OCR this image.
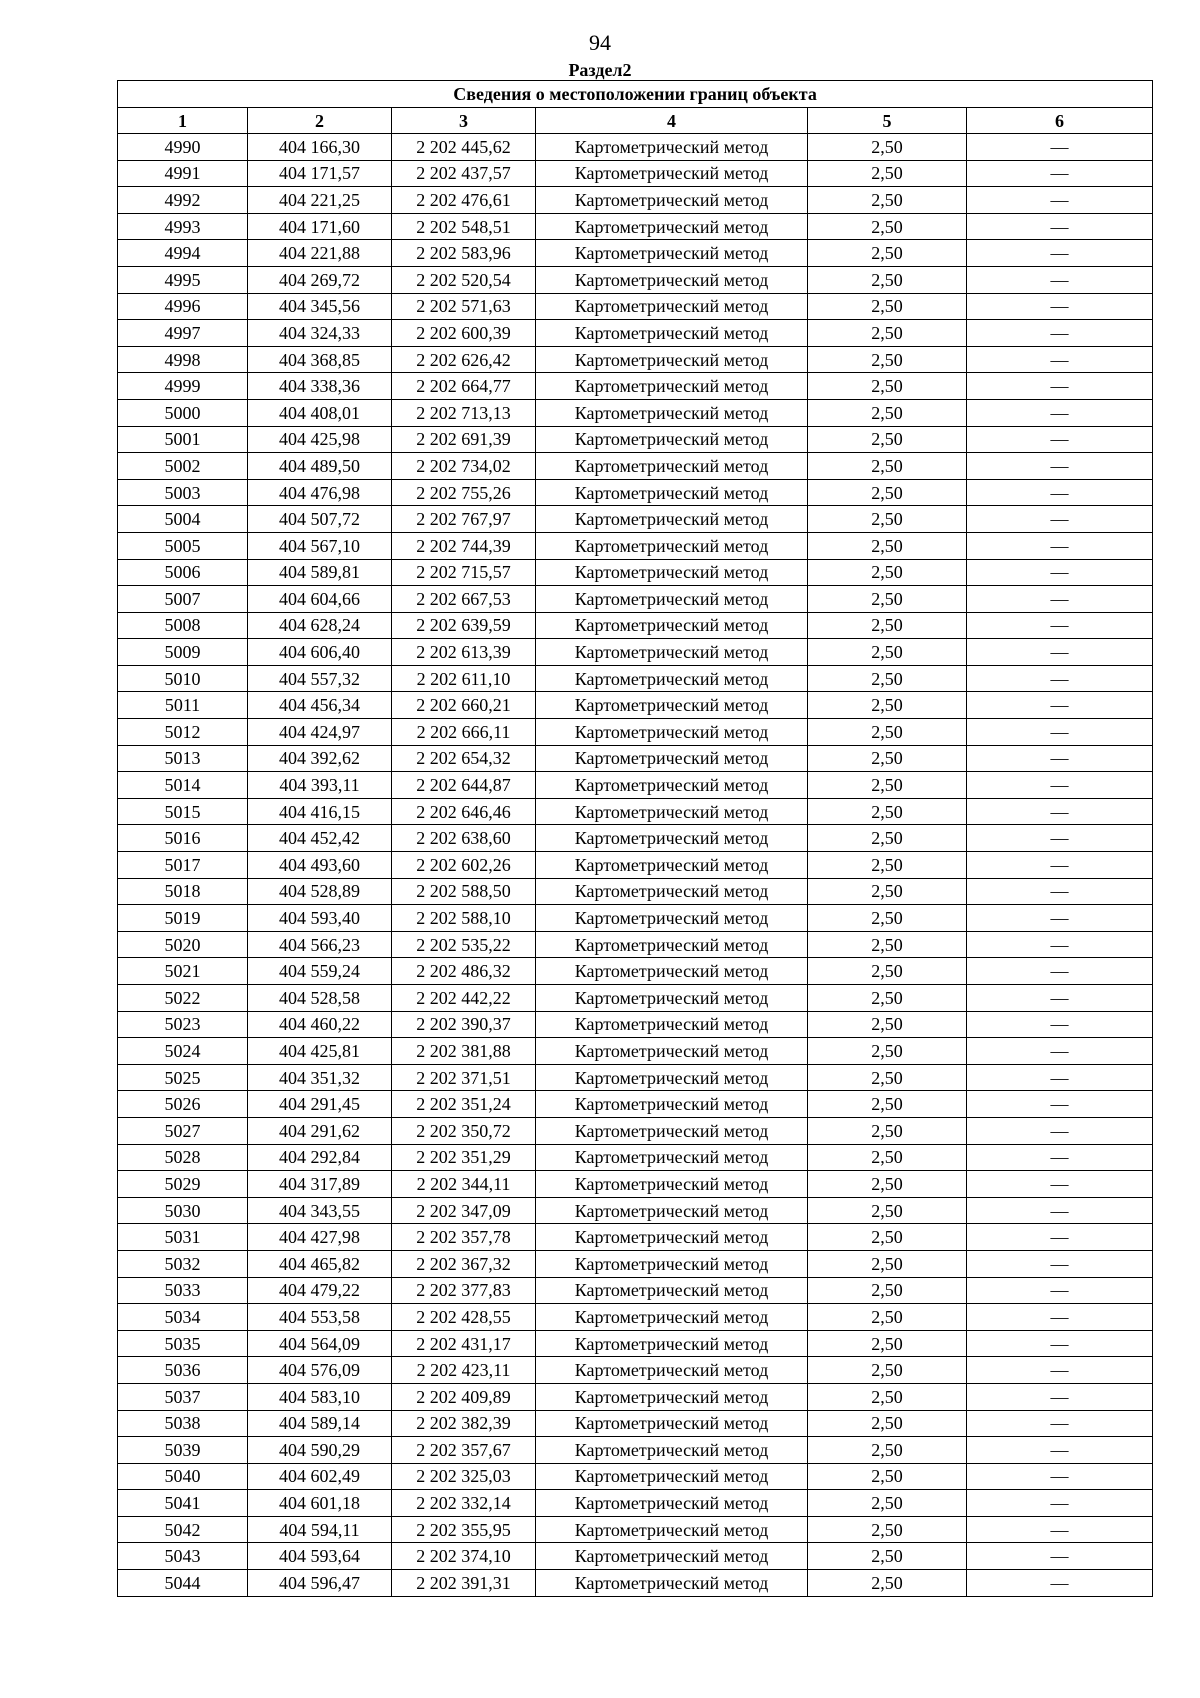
94
Раздел2
Сведения о местоположении границ объекта					
1	2	3	4	5	6
4990	404 166,30	2 202 445,62	Картометрический метод	2,50	—
4991	404 171,57	2 202 437,57	Картометрический метод	2,50	—
4992	404 221,25	2 202 476,61	Картометрический метод	2,50	—
4993	404 171,60	2 202 548,51	Картометрический метод	2,50	—
4994	404 221,88	2 202 583,96	Картометрический метод	2,50	—
4995	404 269,72	2 202 520,54	Картометрический метод	2,50	—
4996	404 345,56	2 202 571,63	Картометрический метод	2,50	—
4997	404 324,33	2 202 600,39	Картометрический метод	2,50	—
4998	404 368,85	2 202 626,42	Картометрический метод	2,50	—
4999	404 338,36	2 202 664,77	Картометрический метод	2,50	—
5000	404 408,01	2 202 713,13	Картометрический метод	2,50	—
5001	404 425,98	2 202 691,39	Картометрический метод	2,50	—
5002	404 489,50	2 202 734,02	Картометрический метод	2,50	—
5003	404 476,98	2 202 755,26	Картометрический метод	2,50	—
5004	404 507,72	2 202 767,97	Картометрический метод	2,50	—
5005	404 567,10	2 202 744,39	Картометрический метод	2,50	—
5006	404 589,81	2 202 715,57	Картометрический метод	2,50	—
5007	404 604,66	2 202 667,53	Картометрический метод	2,50	—
5008	404 628,24	2 202 639,59	Картометрический метод	2,50	—
5009	404 606,40	2 202 613,39	Картометрический метод	2,50	—
5010	404 557,32	2 202 611,10	Картометрический метод	2,50	—
5011	404 456,34	2 202 660,21	Картометрический метод	2,50	—
5012	404 424,97	2 202 666,11	Картометрический метод	2,50	—
5013	404 392,62	2 202 654,32	Картометрический метод	2,50	—
5014	404 393,11	2 202 644,87	Картометрический метод	2,50	—
5015	404 416,15	2 202 646,46	Картометрический метод	2,50	—
5016	404 452,42	2 202 638,60	Картометрический метод	2,50	—
5017	404 493,60	2 202 602,26	Картометрический метод	2,50	—
5018	404 528,89	2 202 588,50	Картометрический метод	2,50	—
5019	404 593,40	2 202 588,10	Картометрический метод	2,50	—
5020	404 566,23	2 202 535,22	Картометрический метод	2,50	—
5021	404 559,24	2 202 486,32	Картометрический метод	2,50	—
5022	404 528,58	2 202 442,22	Картометрический метод	2,50	—
5023	404 460,22	2 202 390,37	Картометрический метод	2,50	—
5024	404 425,81	2 202 381,88	Картометрический метод	2,50	—
5025	404 351,32	2 202 371,51	Картометрический метод	2,50	—
5026	404 291,45	2 202 351,24	Картометрический метод	2,50	—
5027	404 291,62	2 202 350,72	Картометрический метод	2,50	—
5028	404 292,84	2 202 351,29	Картометрический метод	2,50	—
5029	404 317,89	2 202 344,11	Картометрический метод	2,50	—
5030	404 343,55	2 202 347,09	Картометрический метод	2,50	—
5031	404 427,98	2 202 357,78	Картометрический метод	2,50	—
5032	404 465,82	2 202 367,32	Картометрический метод	2,50	—
5033	404 479,22	2 202 377,83	Картометрический метод	2,50	—
5034	404 553,58	2 202 428,55	Картометрический метод	2,50	—
5035	404 564,09	2 202 431,17	Картометрический метод	2,50	—
5036	404 576,09	2 202 423,11	Картометрический метод	2,50	—
5037	404 583,10	2 202 409,89	Картометрический метод	2,50	—
5038	404 589,14	2 202 382,39	Картометрический метод	2,50	—
5039	404 590,29	2 202 357,67	Картометрический метод	2,50	—
5040	404 602,49	2 202 325,03	Картометрический метод	2,50	—
5041	404 601,18	2 202 332,14	Картометрический метод	2,50	—
5042	404 594,11	2 202 355,95	Картометрический метод	2,50	—
5043	404 593,64	2 202 374,10	Картометрический метод	2,50	—
5044	404 596,47	2 202 391,31	Картометрический метод	2,50	—
